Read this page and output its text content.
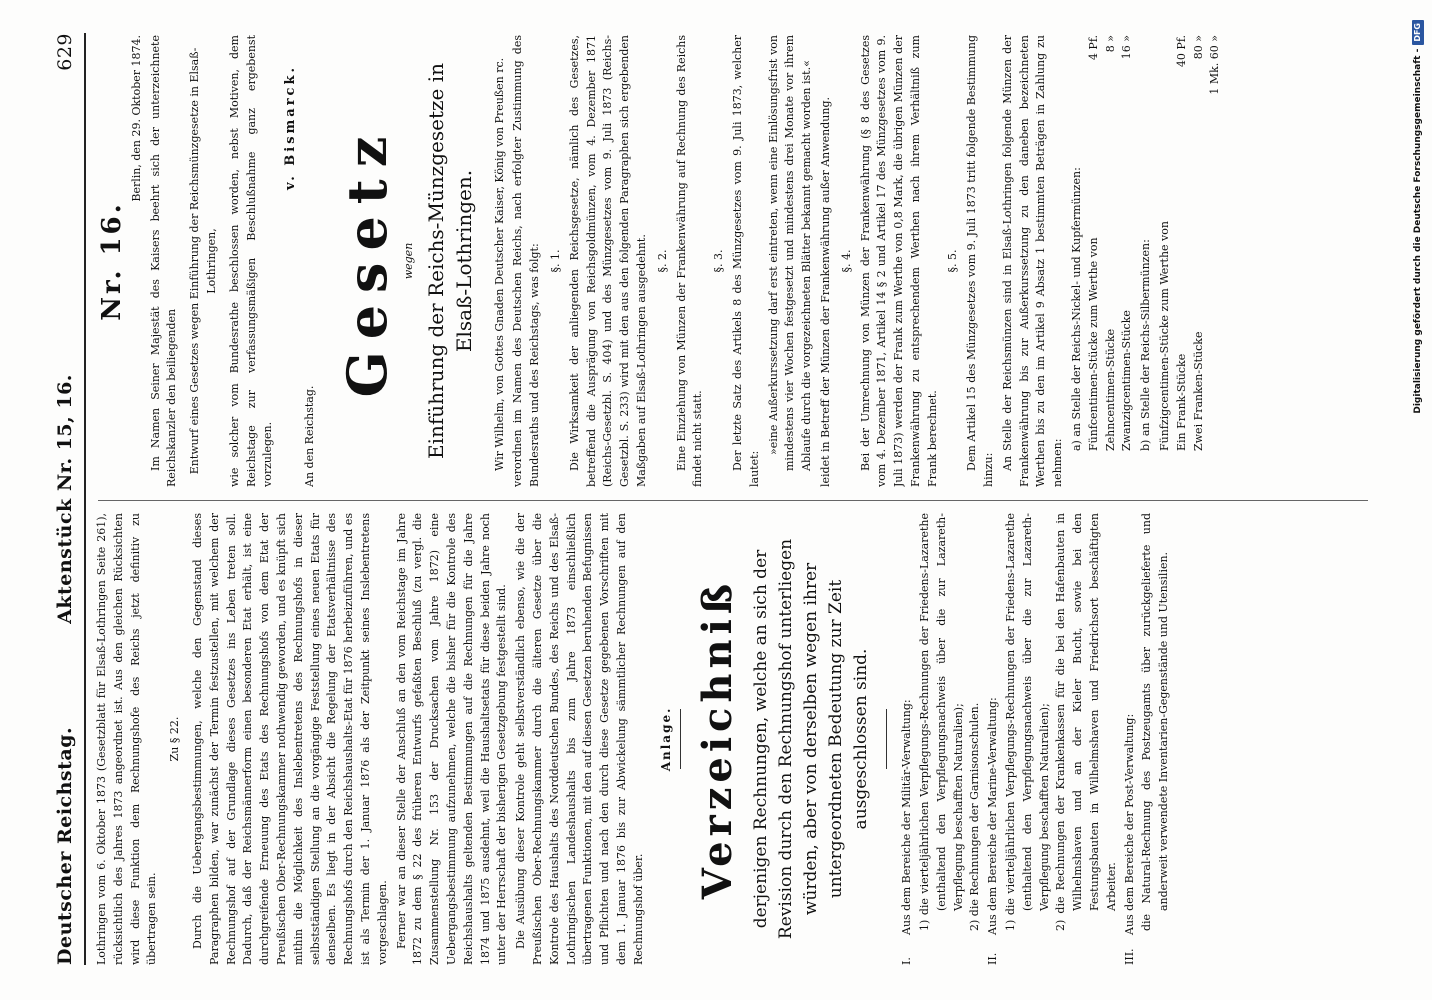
Deutscher Reichstag.
Aktenstück Nr. 15, 16.
629

Lothringen vom 6. Oktober 1873 (Gesetzblatt für Elsaß-Lothringen Seite 261), rücksichtlich des Jahres 1873 angeordnet ist. Aus den gleichen Rücksichten wird diese Funktion dem Rechnungshofe des Reichs jetzt definitiv zu übertragen sein.

Zu § 22. Durch die Uebergangsbestimmungen, welche den Gegenstand dieses Paragraphen bilden, war zunächst der Termin festzustellen, mit welchem der Rechnungshof auf der Grundlage dieses Gesetzes ins Leben treten soll. Dadurch, daß der Reichsmännerform einen besonderen Etat erhält, ist eine durchgreifende Erneuung des Etats des Rechnungshofs von dem Etat der Preußischen Ober-Rechnungskammer nothwendig geworden, und es knüpft sich mithin die Möglichkeit des Inslebentretens des Rechnungshofs in dieser selbstständigen Stellung an die vorgängige Feststellung eines neuen Etats für denselben. Es liegt in der Absicht die Regelung der Etatsverhältnisse des Rechnungshofs durch den Reichshaushalts-Etat für 1876 herbeizuführen, und es ist als Termin der 1. Januar 1876 als der Zeitpunkt seines Inslebentretens vorgeschlagen. Ferner war an dieser Stelle der Anschluß an den vom Reichstage im Jahre 1872 zu dem § 22 des früheren Entwurfs gefaßten Beschluß (zu vergl. die Zusammenstellung Nr. 153 der Drucksachen vom Jahre 1872) eine Uebergangsbestimmung aufzunehmen, welche die bisher für die Kontrole des Reichshaushalts geltenden Bestimmungen auf die Rechnungen für die Jahre 1874 und 1875 ausdehnt, weil die Haushaltsetats für diese beiden Jahre noch unter der Herrschaft der bisherigen Gesetzgebung festgestellt sind. Die Ausübung dieser Kontrole geht selbstverständlich ebenso, wie die der Preußischen Ober-Rechnungskammer durch die älteren Gesetze über die Kontrole des Haushalts des Norddeutschen Bundes, des Reichs und des Elsaß-Lothringischen Landeshaushalts bis zum Jahre 1873 einschließlich übertragenen Funktionen, mit den auf diesen Gesetzen beruhenden Befugnissen und Pflichten und nach den durch diese Gesetze gegebenen Vorschriften mit dem 1. Januar 1876 bis zur Abwickelung sämmtlicher Rechnungen auf den Rechnungshof über.

Anlage. Verzeichniß derjenigen Rechnungen, welche an sich der Revision durch den Rechnungshof unterliegen würden, aber von derselben wegen ihrer untergeordneten Bedeutung zur Zeit ausgeschlossen sind.

I.Aus dem Bereiche der Militär-Verwaltung: 1) die vierteljährlichen Verpflegungs-Rechnungen der Friedens-Lazarethe (enthaltend den Verpflegungsnachweis über die zur Lazareth-Verpflegung beschafften Naturalien); 2) die Rechnungen der Garnisonschulen.

II.Aus dem Bereiche der Marine-Verwaltung: 1) die vierteljährlichen Verpflegungs-Rechnungen der Friedens-Lazarethe (enthaltend den Verpflegungsnachweis über die zur Lazareth-Verpflegung beschafften Naturalien); 2) die Rechnungen der Krankenkassen für die bei den Hafenbauten in Wilhelmshaven und an der Kieler Bucht, sowie bei den Festungsbauten in Wilhelmshaven und Friedrichsort beschäftigten Arbeiter.

III.Aus dem Bereiche der Post-Verwaltung: die Natural-Rechnung des Postzeugamts über zurückgelieferte und anderweit verwendete Inventarien-Gegenstände und Utensilien.

Nr. 16.

Berlin, den 29. Oktober 1874. Im Namen Seiner Majestät des Kaisers beehrt sich der unterzeichnete Reichskanzler den beiliegenden Entwurf eines Gesetzes wegen Einführung der Reichsmünzgesetze in Elsaß-Lothringen, wie solcher vom Bundesrathe beschlossen worden, nebst Motiven, dem Reichstage zur verfassungsmäßigen Beschlußnahme ganz ergebenst vorzulegen.

v. Bismarck.

An den Reichstag.

Gesetz wegen Einführung der Reichs-Münzgesetze in Elsaß-Lothringen. Wir Wilhelm, von Gottes Gnaden Deutscher Kaiser, König von Preußen rc. verordnen im Namen des Deutschen Reichs, nach erfolgter Zustimmung des Bundesraths und des Reichstags, was folgt: §. 1. Die Wirksamkeit der anliegenden Reichsgesetze, nämlich des Gesetzes, betreffend die Ausprägung von Reichsgoldmünzen, vom 4. Dezember 1871 (Reichs-Gesetzbl. S. 404) und des Münzgesetzes vom 9. Juli 1873 (Reichs-Gesetzbl. S. 233) wird mit den aus den folgenden Paragraphen sich ergebenden Maßgaben auf Elsaß-Lothringen ausgedehnt. §. 2. Eine Einziehung von Münzen der Frankenwährung auf Rechnung des Reichs findet nicht statt.

§. 3. Der letzte Satz des Artikels 8 des Münzgesetzes vom 9. Juli 1873, welcher lautet:

»eine Außerkurssetzung darf erst eintreten, wenn eine Einlösungsfrist von mindestens vier Wochen festgesetzt und mindestens drei Monate vor ihrem Ablaufe durch die vorgezeichneten Blätter bekannt gemacht worden ist.« leidet in Betreff der Münzen der Frankenwährung außer Anwendung. §. 4. Bei der Umrechnung von Münzen der Frankenwährung (§ 8 des Gesetzes vom 4. Dezember 1871, Artikel 14 § 2 und Artikel 17 des Münzgesetzes vom 9. Juli 1873) werden der Frank zum Werthe von 0,8 Mark, die übrigen Münzen der Frankenwährung zu entsprechendem Werthen nach ihrem Verhältniß zum Frank berechnet.

§. 5. Dem Artikel 15 des Münzgesetzes vom 9. Juli 1873 tritt folgende Bestimmung hinzu: An Stelle der Reichsmünzen sind in Elsaß-Lothringen folgende Münzen der Frankenwährung bis zur Außerkurssetzung zu den daneben bezeichneten Werthen bis zu den im Artikel 9 Absatz 1 bestimmten Beträgen in Zahlung zu nehmen:

a) an Stelle der Reichs-Nickel- und Kupfermünzen: Fünfcentimen-Stücke zum Werthe von
4 Pf.
Zehncentimen-Stücke
8 »
Zwanzigcentimen-Stücke
16 »

b) an Stelle der Reichs-Silbermünzen: Fünfzigcentimen-Stücke zum Werthe von Ein Frank-Stücke
40 Pf.
Zwei Franken-Stücke
80 » 1 Mk. 60 »	Digitalisierung gefördert durch die Deutsche Forschungsgemeinschaft -DFG
